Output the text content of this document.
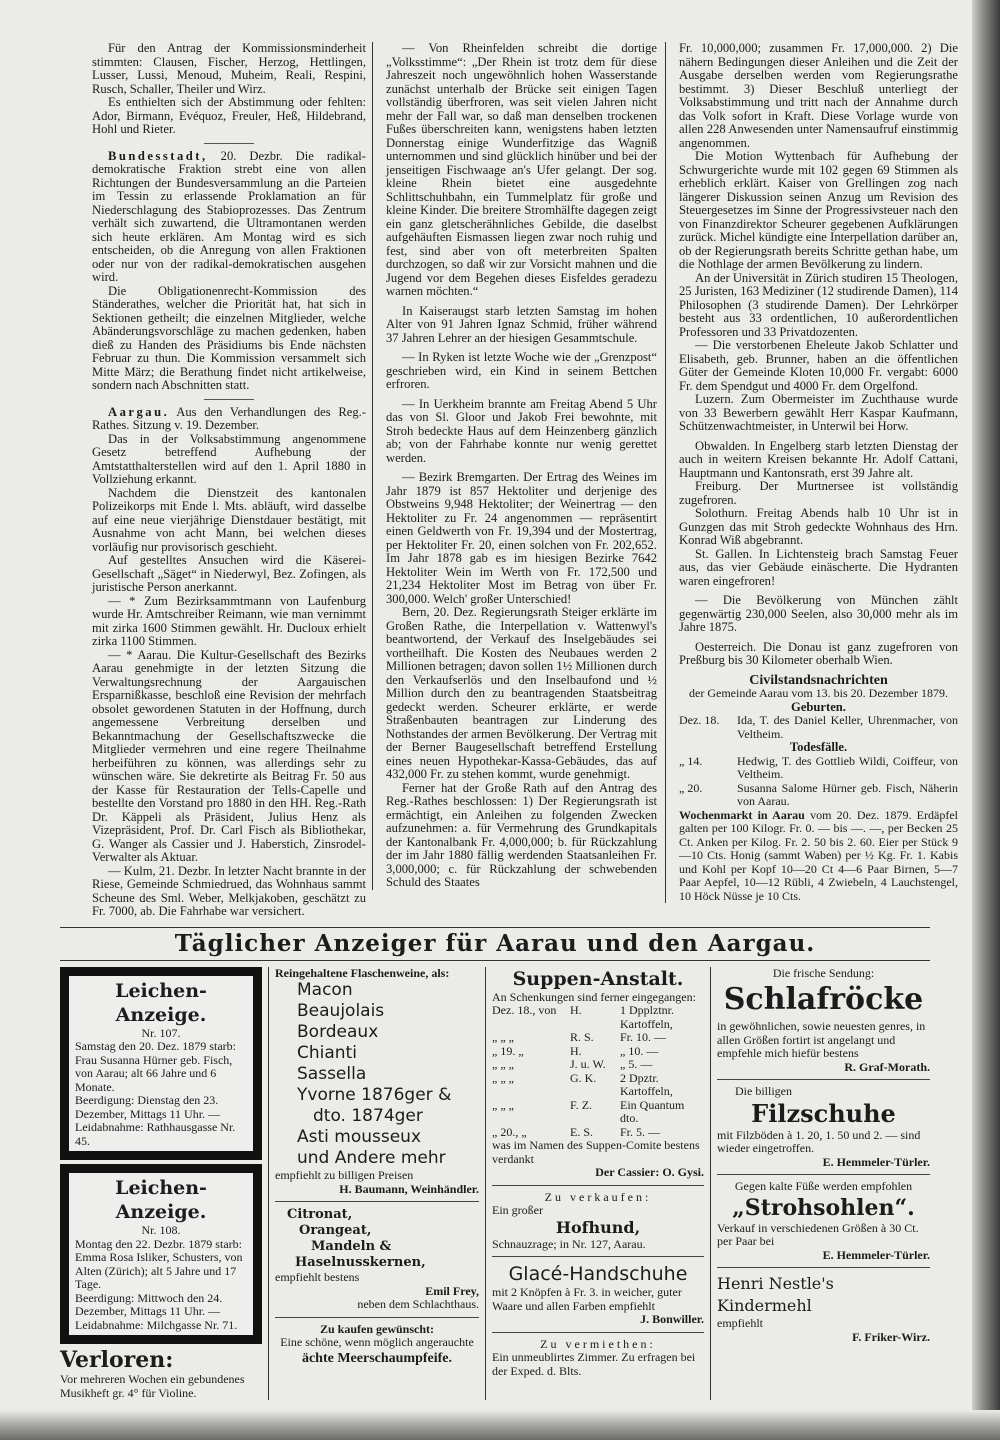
Für den Antrag der Kommissionsminderheit stimmten: Clausen, Fischer, Herzog, Hettlingen, Lusser, Lussi, Menoud, Muheim, Reali, Respini, Rusch, Schaller, Theiler und Wirz.

Es enthielten sich der Abstimmung oder fehlten: Ador, Birmann, Evéquoz, Freuler, Heß, Hildebrand, Hohl und Rieter.

Bundesstadt, 20. Dezbr. Die radikal-demokratische Fraktion strebt eine von allen Richtungen der Bundesversammlung an die Parteien im Tessin zu erlassende Proklamation an für Niederschlagung des Stabioprozesses. Das Zentrum verhält sich zuwartend, die Ultramontanen werden sich heute erklären. Am Montag wird es sich entscheiden, ob die Anregung von allen Fraktionen oder nur von der radikal-demokratischen ausgehen wird.

Die Obligationenrecht-Kommission des Ständerathes, welcher die Priorität hat, hat sich in Sektionen getheilt; die einzelnen Mitglieder, welche Abänderungsvorschläge zu machen gedenken, haben dieß zu Handen des Präsidiums bis Ende nächsten Februar zu thun. Die Kommission versammelt sich Mitte März; die Berathung findet nicht artikelweise, sondern nach Abschnitten statt.

Aargau. Aus den Verhandlungen des Reg.-Rathes. Sitzung v. 19. Dezember.

Das in der Volksabstimmung angenommene Gesetz betreffend Aufhebung der Amtstatthalterstellen wird auf den 1. April 1880 in Vollziehung erkannt.

Nachdem die Dienstzeit des kantonalen Polizeikorps mit Ende l. Mts. abläuft, wird dasselbe auf eine neue vierjährige Dienstdauer bestätigt, mit Ausnahme von acht Mann, bei welchen dieses vorläufig nur provisorisch geschieht.

Auf gestelltes Ansuchen wird die Käserei-Gesellschaft „Säget“ in Niederwyl, Bez. Zofingen, als juristische Person anerkannt.

— * Zum Bezirksammtmann von Laufenburg wurde Hr. Amtschreiber Reimann, wie man vernimmt mit zirka 1600 Stimmen gewählt. Hr. Ducloux erhielt zirka 1100 Stimmen.

— * Aarau. Die Kultur-Gesellschaft des Bezirks Aarau genehmigte in der letzten Sitzung die Verwaltungsrechnung der Aargauischen Ersparnißkasse, beschloß eine Revision der mehrfach obsolet gewordenen Statuten in der Hoffnung, durch angemessene Verbreitung derselben und Bekanntmachung der Gesellschaftszwecke die Mitglieder vermehren und eine regere Theilnahme herbeiführen zu können, was allerdings sehr zu wünschen wäre. Sie dekretirte als Beitrag Fr. 50 aus der Kasse für Restauration der Tells-Capelle und bestellte den Vorstand pro 1880 in den HH. Reg.-Rath Dr. Käppeli als Präsident, Julius Henz als Vizepräsident, Prof. Dr. Carl Fisch als Bibliothekar, G. Wanger als Cassier und J. Haberstich, Zinsrodel-Verwalter als Aktuar.

— Kulm, 21. Dezbr. In letzter Nacht brannte in der Riese, Gemeinde Schmiedrued, das Wohnhaus sammt Scheune des Sml. Weber, Melkjakoben, geschätzt zu Fr. 7000, ab. Die Fahrhabe war versichert.

— Von Rheinfelden schreibt die dortige „Volksstimme“: „Der Rhein ist trotz dem für diese Jahreszeit noch ungewöhnlich hohen Wasserstande zunächst unterhalb der Brücke seit einigen Tagen vollständig überfroren, was seit vielen Jahren nicht mehr der Fall war, so daß man denselben trockenen Fußes überschreiten kann, wenigstens haben letzten Donnerstag einige Wunderfitzige das Wagniß unternommen und sind glücklich hinüber und bei der jenseitigen Fischwaage an's Ufer gelangt. Der sog. kleine Rhein bietet eine ausgedehnte Schlittschuhbahn, ein Tummelplatz für große und kleine Kinder. Die breitere Stromhälfte dagegen zeigt ein ganz gletscherähnliches Gebilde, die daselbst aufgehäuften Eismassen liegen zwar noch ruhig und fest, sind aber von oft meterbreiten Spalten durchzogen, so daß wir zur Vorsicht mahnen und die Jugend vor dem Begehen dieses Eisfeldes geradezu warnen möchten.“

In Kaiseraugst starb letzten Samstag im hohen Alter von 91 Jahren Ignaz Schmid, früher während 37 Jahren Lehrer an der hiesigen Gesammtschule.

— In Ryken ist letzte Woche wie der „Grenzpost“ geschrieben wird, ein Kind in seinem Bettchen erfroren.

— In Uerkheim brannte am Freitag Abend 5 Uhr das von Sl. Gloor und Jakob Frei bewohnte, mit Stroh bedeckte Haus auf dem Heinzenberg gänzlich ab; von der Fahrhabe konnte nur wenig gerettet werden.

— Bezirk Bremgarten. Der Ertrag des Weines im Jahr 1879 ist 857 Hektoliter und derjenige des Obstweins 9,948 Hektoliter; der Weinertrag — den Hektoliter zu Fr. 24 angenommen — repräsentirt einen Geldwerth von Fr. 19,394 und der Mostertrag, per Hektoliter Fr. 20, einen solchen von Fr. 202,652. Im Jahr 1878 gab es im hiesigen Bezirke 7642 Hektoliter Wein im Werth von Fr. 172,500 und 21,234 Hektoliter Most im Betrag von über Fr. 300,000. Welch' großer Unterschied!

Bern, 20. Dez. Regierungsrath Steiger erklärte im Großen Rathe, die Interpellation v. Wattenwyl's beantwortend, der Verkauf des Inselgebäudes sei vortheilhaft. Die Kosten des Neubaues werden 2 Millionen betragen; davon sollen 1½ Millionen durch den Verkaufserlös und den Inselbaufond und ½ Million durch den zu beantragenden Staatsbeitrag gedeckt werden. Scheurer erklärte, er werde Straßenbauten beantragen zur Linderung des Nothstandes der armen Bevölkerung. Der Vertrag mit der Berner Baugesellschaft betreffend Erstellung eines neuen Hypothekar-Kassa-Gebäudes, das auf 432,000 Fr. zu stehen kommt, wurde genehmigt.

Ferner hat der Große Rath auf den Antrag des Reg.-Rathes beschlossen: 1) Der Regierungsrath ist ermächtigt, ein Anleihen zu folgenden Zwecken aufzunehmen: a. für Vermehrung des Grundkapitals der Kantonalbank Fr. 4,000,000; b. für Rückzahlung der im Jahr 1880 fällig werdenden Staatsanleihen Fr. 3,000,000; c. für Rückzahlung der schwebenden Schuld des Staates

Fr. 10,000,000; zusammen Fr. 17,000,000. 2) Die nähern Bedingungen dieser Anleihen und die Zeit der Ausgabe derselben werden vom Regierungsrathe bestimmt. 3) Dieser Beschluß unterliegt der Volksabstimmung und tritt nach der Annahme durch das Volk sofort in Kraft. Diese Vorlage wurde von allen 228 Anwesenden unter Namensaufruf einstimmig angenommen.

Die Motion Wyttenbach für Aufhebung der Schwurgerichte wurde mit 102 gegen 69 Stimmen als erheblich erklärt. Kaiser von Grellingen zog nach längerer Diskussion seinen Anzug um Revision des Steuergesetzes im Sinne der Progressivsteuer nach den von Finanzdirektor Scheurer gegebenen Aufklärungen zurück. Michel kündigte eine Interpellation darüber an, ob der Regierungsrath bereits Schritte gethan habe, um die Nothlage der armen Bevölkerung zu lindern.

An der Universität in Zürich studiren 15 Theologen, 25 Juristen, 163 Mediziner (12 studirende Damen), 114 Philosophen (3 studirende Damen). Der Lehrkörper besteht aus 33 ordentlichen, 10 außerordentlichen Professoren und 33 Privatdozenten.

— Die verstorbenen Eheleute Jakob Schlatter und Elisabeth, geb. Brunner, haben an die öffentlichen Güter der Gemeinde Kloten 10,000 Fr. vergabt: 6000 Fr. dem Spendgut und 4000 Fr. dem Orgelfond.

Luzern. Zum Obermeister im Zuchthause wurde von 33 Bewerbern gewählt Herr Kaspar Kaufmann, Schützenwachtmeister, in Unterwil bei Horw.

Obwalden. In Engelberg starb letzten Dienstag der auch in weitern Kreisen bekannte Hr. Adolf Cattani, Hauptmann und Kantonsrath, erst 39 Jahre alt.

Freiburg. Der Murtnersee ist vollständig zugefroren.

Solothurn. Freitag Abends halb 10 Uhr ist in Gunzgen das mit Stroh gedeckte Wohnhaus des Hrn. Konrad Wiß abgebrannt.

St. Gallen. In Lichtensteig brach Samstag Feuer aus, das vier Gebäude einäscherte. Die Hydranten waren eingefroren!

— Die Bevölkerung von München zählt gegenwärtig 230,000 Seelen, also 30,000 mehr als im Jahre 1875.

Oesterreich. Die Donau ist ganz zugefroren von Preßburg bis 30 Kilometer oberhalb Wien.

Civilstandsnachrichten
der Gemeinde Aarau vom 13. bis 20. Dezember 1879.
Geburten.
Dez. 18.	Ida, T. des Daniel Keller, Uhrenmacher, von Veltheim.
Todesfälle.
„ 14.	Hedwig, T. des Gottlieb Wildi, Coiffeur, von Veltheim.
„ 20.	Susanna Salome Hürner geb. Fisch, Näherin von Aarau.

Wochenmarkt in Aarau vom 20. Dez. 1879. Erdäpfel galten per 100 Kilogr. Fr. 0. — bis —. —, per Becken 25 Ct. Anken per Kilog. Fr. 2. 50 bis 2. 60. Eier per Stück 9—10 Cts. Honig (sammt Waben) per ½ Kg. Fr. 1. Kabis und Kohl per Kopf 10—20 Ct 4—6 Paar Birnen, 5—7 Paar Aepfel, 10—12 Rübli, 4 Zwiebeln, 4 Lauchstengel, 10 Höck Nüsse je 10 Cts.

Täglicher Anzeiger für Aarau und den Aargau.
Leichen-Anzeige.
Nr. 107.
Samstag den 20. Dez. 1879 starb: Frau Susanna Hürner geb. Fisch, von Aarau; alt 66 Jahre und 6 Monate.
Beerdigung: Dienstag den 23. Dezember, Mittags 11 Uhr. — Leidabnahme: Rathhausgasse Nr. 45.
Leichen-Anzeige.
Nr. 108.
Montag den 22. Dezbr. 1879 starb: Emma Rosa Isliker, Schusters, von Alten (Zürich); alt 5 Jahre und 17 Tage.
Beerdigung: Mittwoch den 24. Dezember, Mittags 11 Uhr. — Leidabnahme: Milchgasse Nr. 71.
Verloren:
Vor mehreren Wochen ein gebundenes Musikheft gr. 4° für Violine.
Reingehaltene Flaschenweine, als:
Macon
Beaujolais
Bordeaux
Chianti
Sassella
Yvorne 1876ger &
dto. 1874ger
Asti mousseux
und Andere mehr
empfiehlt zu billigen Preisen
H. Baumann, Weinhändler.
Citronat,
Orangeat,
Mandeln &
Haselnusskernen,
empfiehlt bestens
Emil Frey,
neben dem Schlachthaus.
Zu kaufen gewünscht:
Eine schöne, wenn möglich angerauchte
ächte Meerschaumpfeife.
Suppen-Anstalt.
An Schenkungen sind ferner eingegangen:
Dez. 18., von	H.	1 Dpplztnr. Kartoffeln,
„ „ „	R. S.	Fr. 10. —
„ 19. „	H.	„ 10. —
„ „ „	J. u. W.	„ 5. —
„ „ „	G. K.	2 Dpztr. Kartoffeln,
„ „ „	F. Z.	Ein Quantum dto.
„ 20., „	E. S.	Fr. 5. —
was im Namen des Suppen-Comite bestens verdankt
Der Cassier: O. Gysi.
Zu verkaufen:
Ein großer
Hofhund,
Schnauzrage; in Nr. 127, Aarau.
Glacé-Handschuhe
mit 2 Knöpfen à Fr. 3. in weicher, guter Waare und allen Farben empfiehlt
J. Bonwiller.
Zu vermiethen:
Ein unmeublirtes Zimmer. Zu erfragen bei der Exped. d. Blts.
Die frische Sendung:
Schlafröcke
in gewöhnlichen, sowie neuesten genres, in allen Größen fortirt ist angelangt und empfehle mich hiefür bestens
R. Graf-Morath.
Die billigen
Filzschuhe
mit Filzböden à 1. 20, 1. 50 und 2. — sind wieder eingetroffen.
E. Hemmeler-Türler.
Gegen kalte Füße werden empfohlen
„Strohsohlen“.
Verkauf in verschiedenen Größen à 30 Ct. per Paar bei
E. Hemmeler-Türler.
Henri Nestle's Kindermehl
empfiehlt
F. Friker-Wirz.
